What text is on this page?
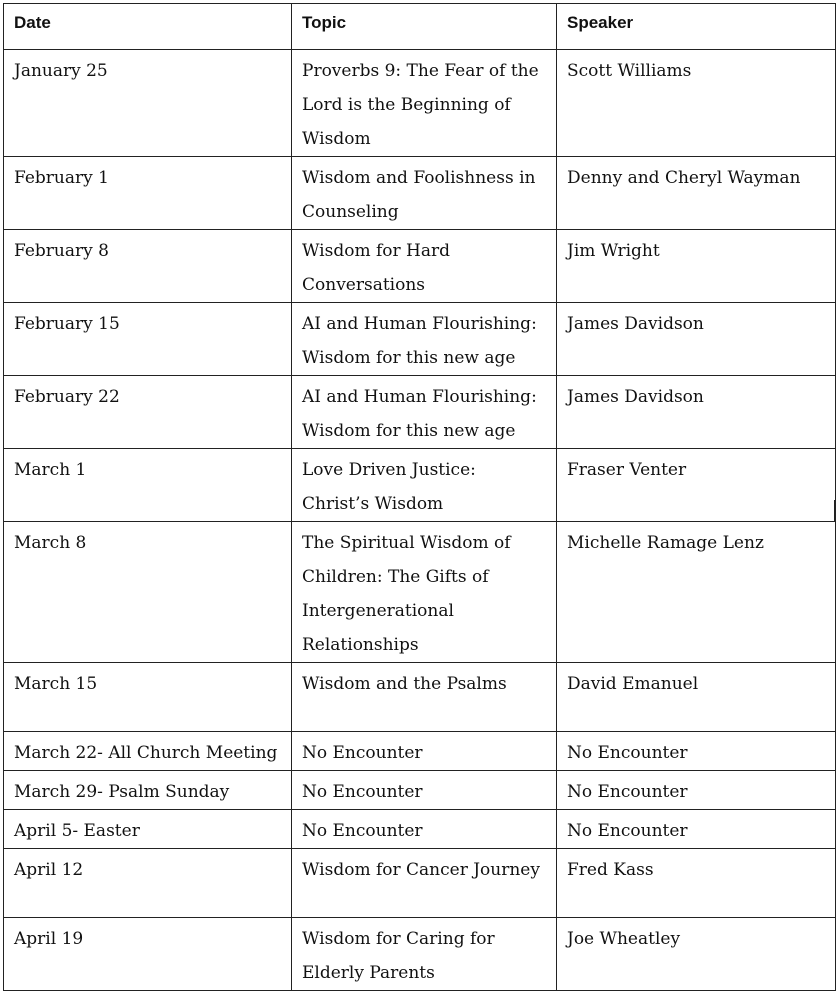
Date	Topic	Speaker
January 25	Proverbs 9: The Fear of the Lord is the Beginning of Wisdom	Scott Williams
February 1	Wisdom and Foolishness in Counseling	Denny and Cheryl Wayman
February 8	Wisdom for Hard Conversations	Jim Wright
February 15	AI and Human Flourishing: Wisdom for this new age	James Davidson
February 22	AI and Human Flourishing: Wisdom for this new age	James Davidson
March 1	Love Driven Justice: Christ’s Wisdom	Fraser Venter
March 8	The Spiritual Wisdom of Children: The Gifts of Intergenerational Relationships	Michelle Ramage Lenz
March 15	Wisdom and the Psalms	David Emanuel
March 22- All Church Meeting	No Encounter	No Encounter
March 29- Psalm Sunday	No Encounter	No Encounter
April 5- Easter	No Encounter	No Encounter
April 12	Wisdom for Cancer Journey	Fred Kass
April 19	Wisdom for Caring for Elderly Parents	Joe Wheatley
